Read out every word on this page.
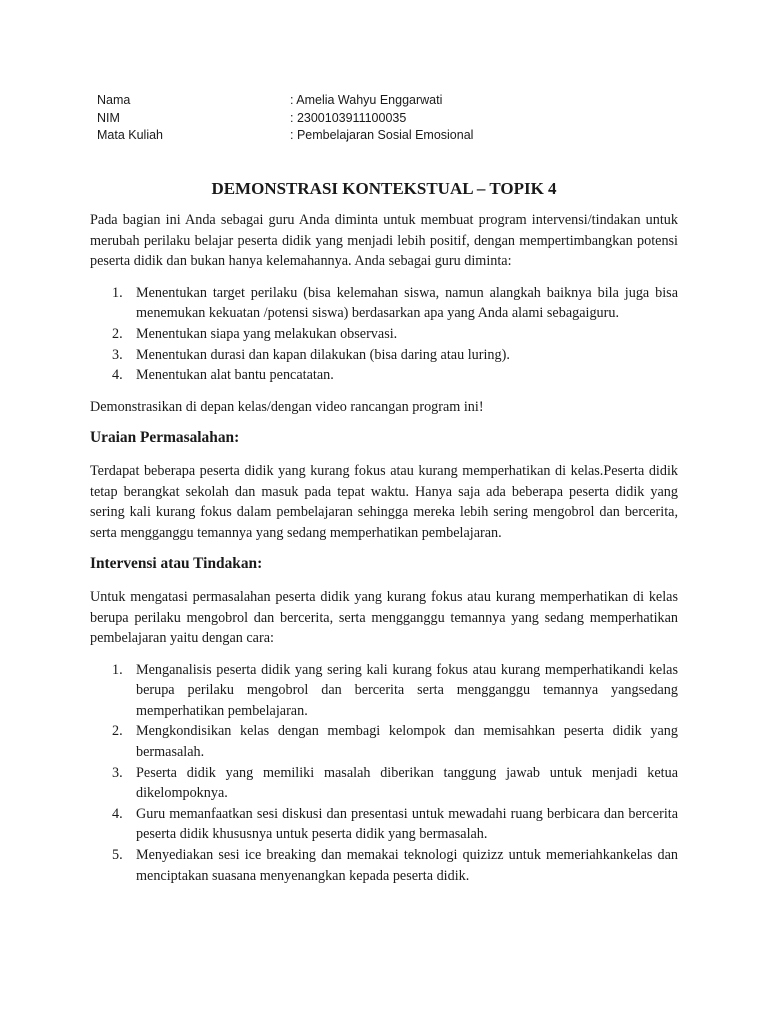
Nama	: Amelia Wahyu Enggarwati
NIM	: 2300103911100035
Mata Kuliah	: Pembelajaran Sosial Emosional
DEMONSTRASI KONTEKSTUAL – TOPIK 4

Pada bagian ini Anda sebagai guru Anda diminta untuk membuat program intervensi/tindakan untuk merubah perilaku belajar peserta didik yang menjadi lebih positif, dengan mempertimbangkan potensi peserta didik dan bukan hanya kelemahannya. Anda sebagai guru diminta:

1. Menentukan target perilaku (bisa kelemahan siswa, namun alangkah baiknya bila juga bisa menemukan kekuatan /potensi siswa) berdasarkan apa yang Anda alami sebagaiguru.
2. Menentukan siapa yang melakukan observasi.
3. Menentukan durasi dan kapan dilakukan (bisa daring atau luring).
4. Menentukan alat bantu pencatatan.

Demonstrasikan di depan kelas/dengan video rancangan program ini!

Uraian Permasalahan:

Terdapat beberapa peserta didik yang kurang fokus atau kurang memperhatikan di kelas.Peserta didik tetap berangkat sekolah dan masuk pada tepat waktu. Hanya saja ada beberapa peserta didik yang sering kali kurang fokus dalam pembelajaran sehingga mereka lebih sering mengobrol dan bercerita, serta mengganggu temannya yang sedang memperhatikan pembelajaran.

Intervensi atau Tindakan:

Untuk mengatasi permasalahan peserta didik yang kurang fokus atau kurang memperhatikan di kelas berupa perilaku mengobrol dan bercerita, serta mengganggu temannya yang sedang memperhatikan pembelajaran yaitu dengan cara:

1. Menganalisis peserta didik yang sering kali kurang fokus atau kurang memperhatikandi kelas berupa perilaku mengobrol dan bercerita serta mengganggu temannya yangsedang memperhatikan pembelajaran.
2. Mengkondisikan kelas dengan membagi kelompok dan memisahkan peserta didik yang bermasalah.
3. Peserta didik yang memiliki masalah diberikan tanggung jawab untuk menjadi ketua dikelompoknya.
4. Guru memanfaatkan sesi diskusi dan presentasi untuk mewadahi ruang berbicara dan bercerita peserta didik khususnya untuk peserta didik yang bermasalah.
5. Menyediakan sesi ice breaking dan memakai teknologi quizizz untuk memeriahkankelas dan menciptakan suasana menyenangkan kepada peserta didik.
